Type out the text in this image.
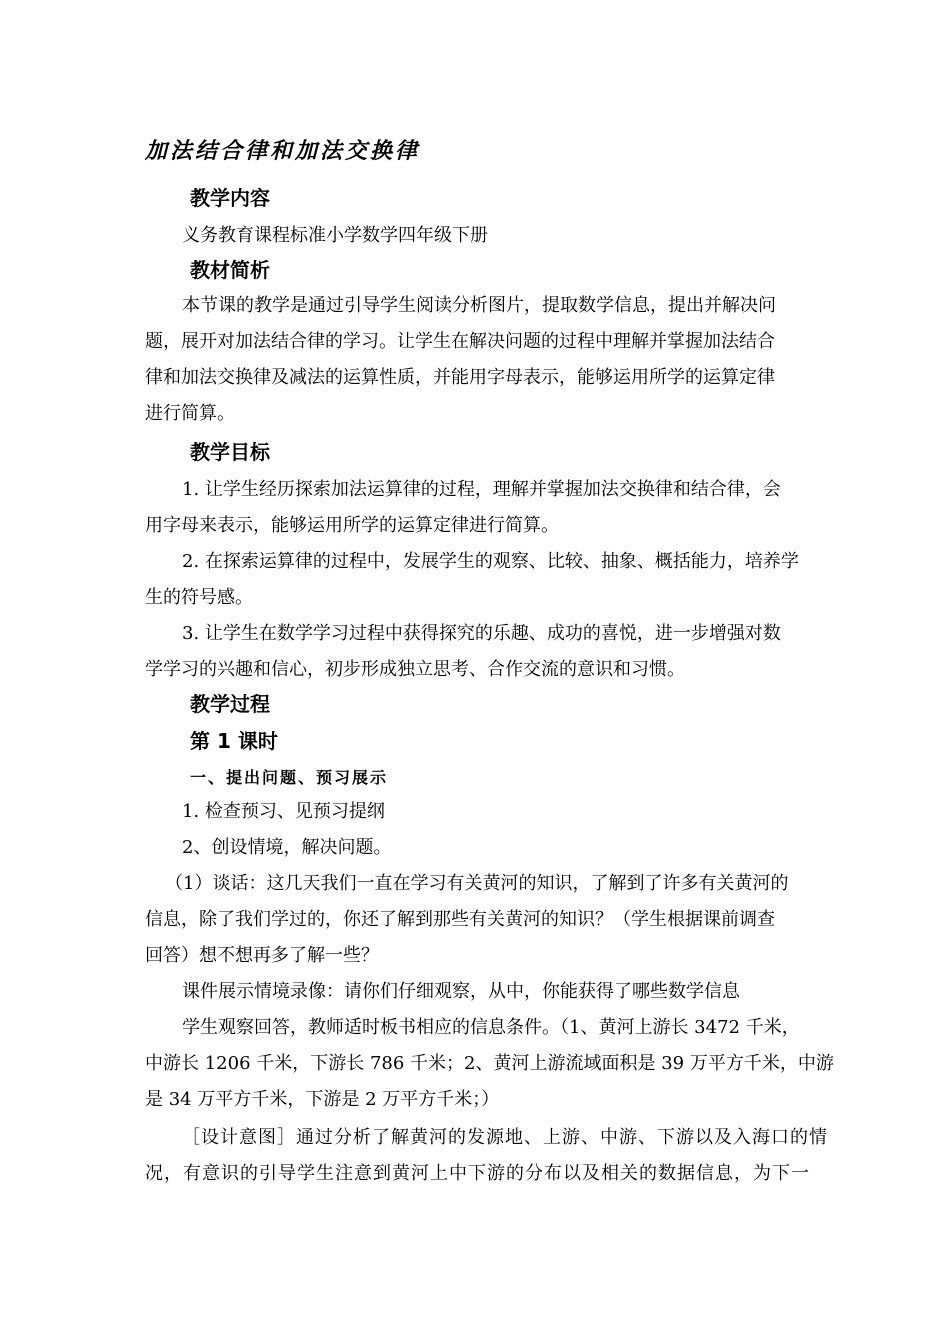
加法结合律和加法交换律
教学内容
义务教育课程标准小学数学四年级下册
教材简析
本节课的教学是通过引导学生阅读分析图片，提取数学信息，提出并解决问
题，展开对加法结合律的学习。让学生在解决问题的过程中理解并掌握加法结合
律和加法交换律及减法的运算性质，并能用字母表示，能够运用所学的运算定律
进行简算。
教学目标
1. 让学生经历探索加法运算律的过程，理解并掌握加法交换律和结合律，会
用字母来表示，能够运用所学的运算定律进行简算。
2. 在探索运算律的过程中，发展学生的观察、比较、抽象、概括能力，培养学
生的符号感。
3. 让学生在数学学习过程中获得探究的乐趣、成功的喜悦，进一步增强对数
学学习的兴趣和信心，初步形成独立思考、合作交流的意识和习惯。
教学过程
第 1 课时
一、提出问题、预习展示
1. 检查预习、见预习提纲
2、创设情境，解决问题。
（1）谈话：这几天我们一直在学习有关黄河的知识，了解到了许多有关黄河的
信息，除了我们学过的，你还了解到那些有关黄河的知识？（学生根据课前调查
回答）想不想再多了解一些？
课件展示情境录像：请你们仔细观察，从中，你能获得了哪些数学信息
学生观察回答，教师适时板书相应的信息条件。（1、黄河上游长 3472 千米，
中游长 1206 千米，下游长 786 千米；2、黄河上游流域面积是 39 万平方千米，中游
是 34 万平方千米，下游是 2 万平方千米；）
［设计意图］通过分析了解黄河的发源地、上游、中游、下游以及入海口的情
况，有意识的引导学生注意到黄河上中下游的分布以及相关的数据信息，为下一
